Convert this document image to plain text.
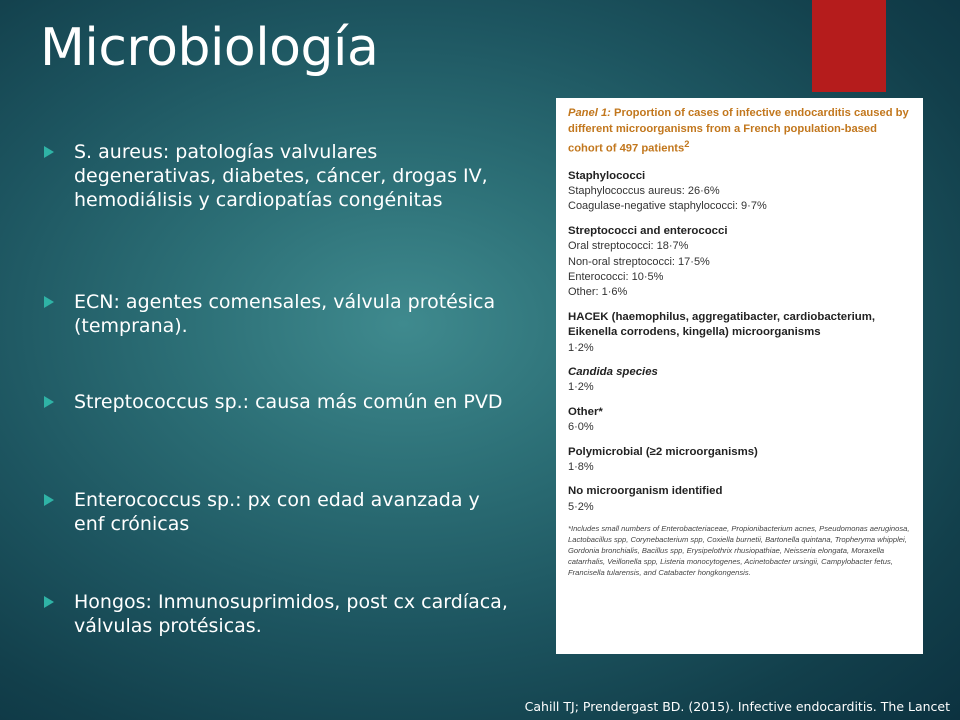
Microbiología
S. aureus: patologías valvulares degenerativas, diabetes, cáncer, drogas IV, hemodiálisis y cardiopatías congénitas
ECN: agentes comensales, válvula protésica (temprana).
Streptococcus sp.: causa más común en PVD
Enterococcus sp.: px con edad avanzada y enf crónicas
Hongos: Inmunosuprimidos, post cx cardíaca, válvulas protésicas.

Panel 1: Proportion of cases of infective endocarditis caused by different microorganisms from a French population-based cohort of 497 patients$^2$

Staphylococci

Staphylococcus aureus: 26·6%

Coagulase-negative staphylococci: 9·7%

Streptococci and enterococci

Oral streptococci: 18·7%

Non-oral streptococci: 17·5%

Enterococci: 10·5%

Other: 1·6%

HACEK (haemophilus, aggregatibacter, cardiobacterium, Eikenella corrodens, kingella) microorganisms

1·2%

Candida species

1·2%

Other*

6·0%

Polymicrobial (≥2 microorganisms)

1·8%

No microorganism identified

5·2%

*Includes small numbers of Enterobacteriaceae, Propionibacterium acnes, Pseudomonas aeruginosa, Lactobacillus spp, Corynebacterium spp, Coxiella burnetii, Bartonella quintana, Tropheryma whipplei, Gordonia bronchialis, Bacillus spp, Erysipelothrix rhusiopathiae, Neisseria elongata, Moraxella catarrhalis, Veillonella spp, Listeria monocytogenes, Acinetobacter ursingii, Campylobacter fetus, Francisella tularensis, and Catabacter hongkongensis.

Cahill TJ; Prendergast BD. (2015). Infective endocarditis. The Lancet
